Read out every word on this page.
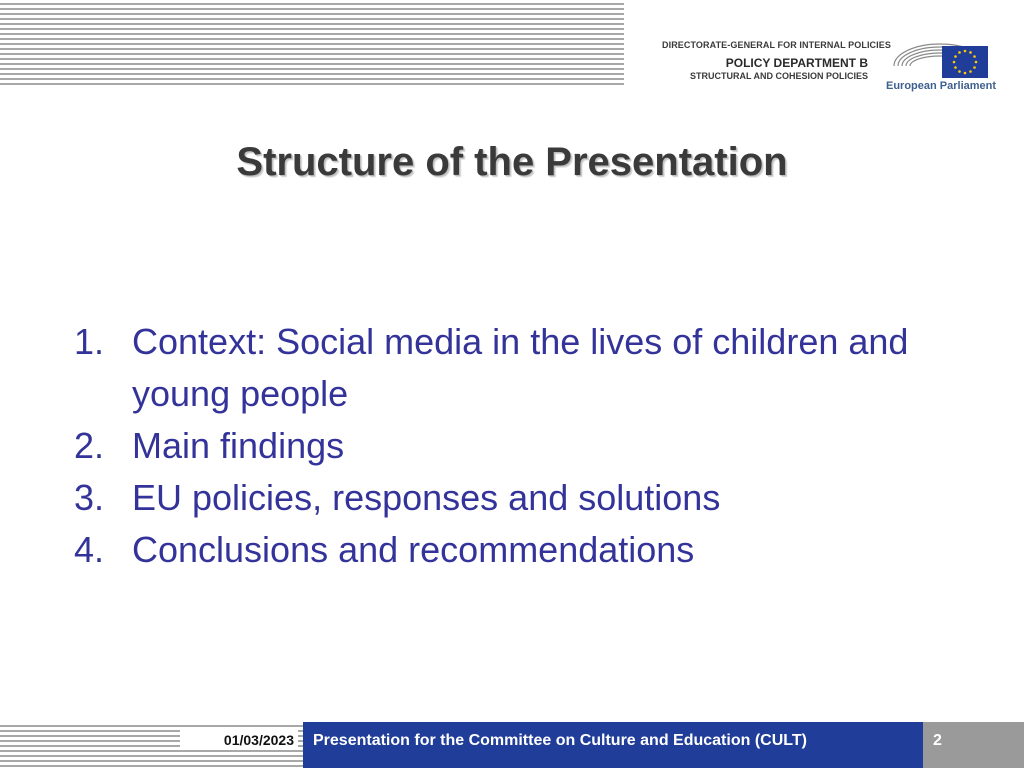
DIRECTORATE-GENERAL FOR INTERNAL POLICIES
POLICY DEPARTMENT B
STRUCTURAL AND COHESION POLICIES
European Parliament
Structure of the Presentation
1. Context: Social media in the lives of children and young people
2. Main findings
3. EU policies, responses and solutions
4. Conclusions and recommendations
01/03/2023 Presentation for the Committee on Culture and Education (CULT)	2
